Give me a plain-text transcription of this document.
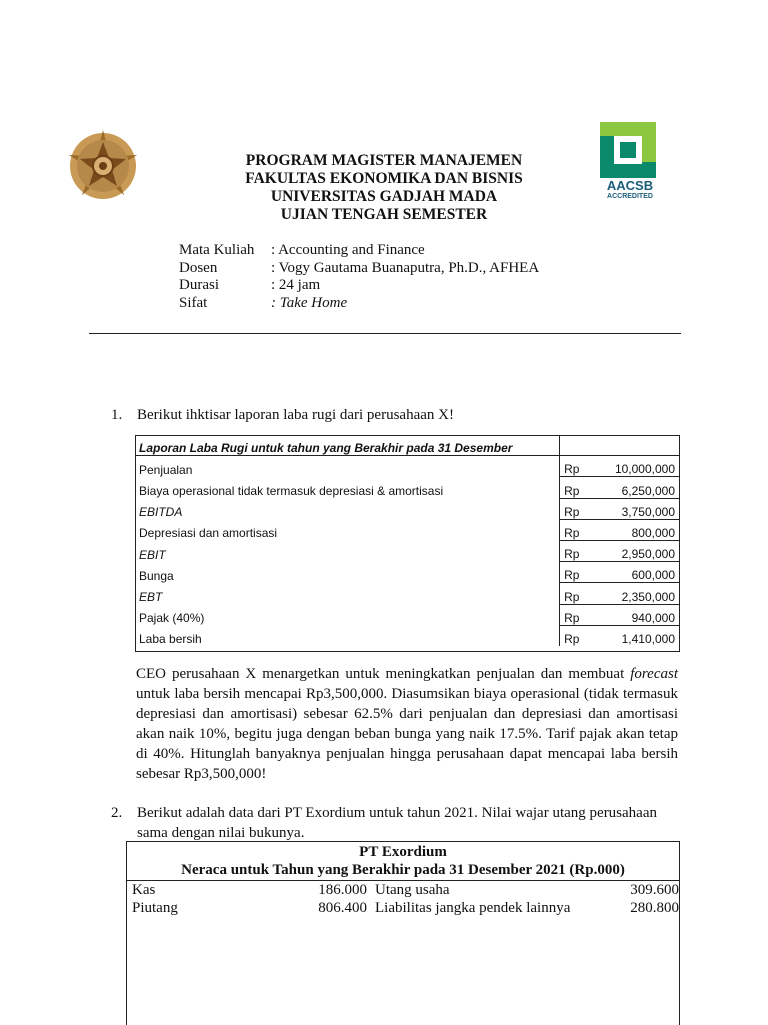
AACSB
ACCREDITED
PROGRAM MAGISTER MANAJEMEN
FAKULTAS EKONOMIKA DAN BISNIS
UNIVERSITAS GADJAH MADA
UJIAN TENGAH SEMESTER
Mata Kuliah	: Accounting and Finance
Dosen	: Vogy Gautama Buanaputra, Ph.D., AFHEA
Durasi	: 24 jam
Sifat	: Take Home
1. Berikut ihktisar laporan laba rugi dari perusahaan X!
Laporan Laba Rugi untuk tahun yang Berakhir pada 31 Desember		
Penjualan	Rp	10,000,000
Biaya operasional tidak termasuk depresiasi & amortisasi	Rp	6,250,000
EBITDA	Rp	3,750,000
Depresiasi dan amortisasi	Rp	800,000
EBIT	Rp	2,950,000
Bunga	Rp	600,000
EBT	Rp	2,350,000
Pajak (40%)	Rp	940,000
Laba bersih	Rp	1,410,000
CEO perusahaan X menargetkan untuk meningkatkan penjualan dan membuat forecast untuk laba bersih mencapai Rp3,500,000. Diasumsikan biaya operasional (tidak termasuk depresiasi dan amortisasi) sebesar 62.5% dari penjualan dan depresiasi dan amortisasi akan naik 10%, begitu juga dengan beban bunga yang naik 17.5%. Tarif pajak akan tetap di 40%. Hitunglah banyaknya penjualan hingga perusahaan dapat mencapai laba bersih sebesar Rp3,500,000!
2. Berikut adalah data dari PT Exordium untuk tahun 2021. Nilai wajar utang perusahaan
sama dengan nilai bukunya.
PT Exordium
Neraca untuk Tahun yang Berakhir pada 31 Desember 2021 (Rp.000)
Kas	186.000 Utang usaha	309.600
Piutang	806.400 Liabilitas jangka pendek lainnya	280.800
